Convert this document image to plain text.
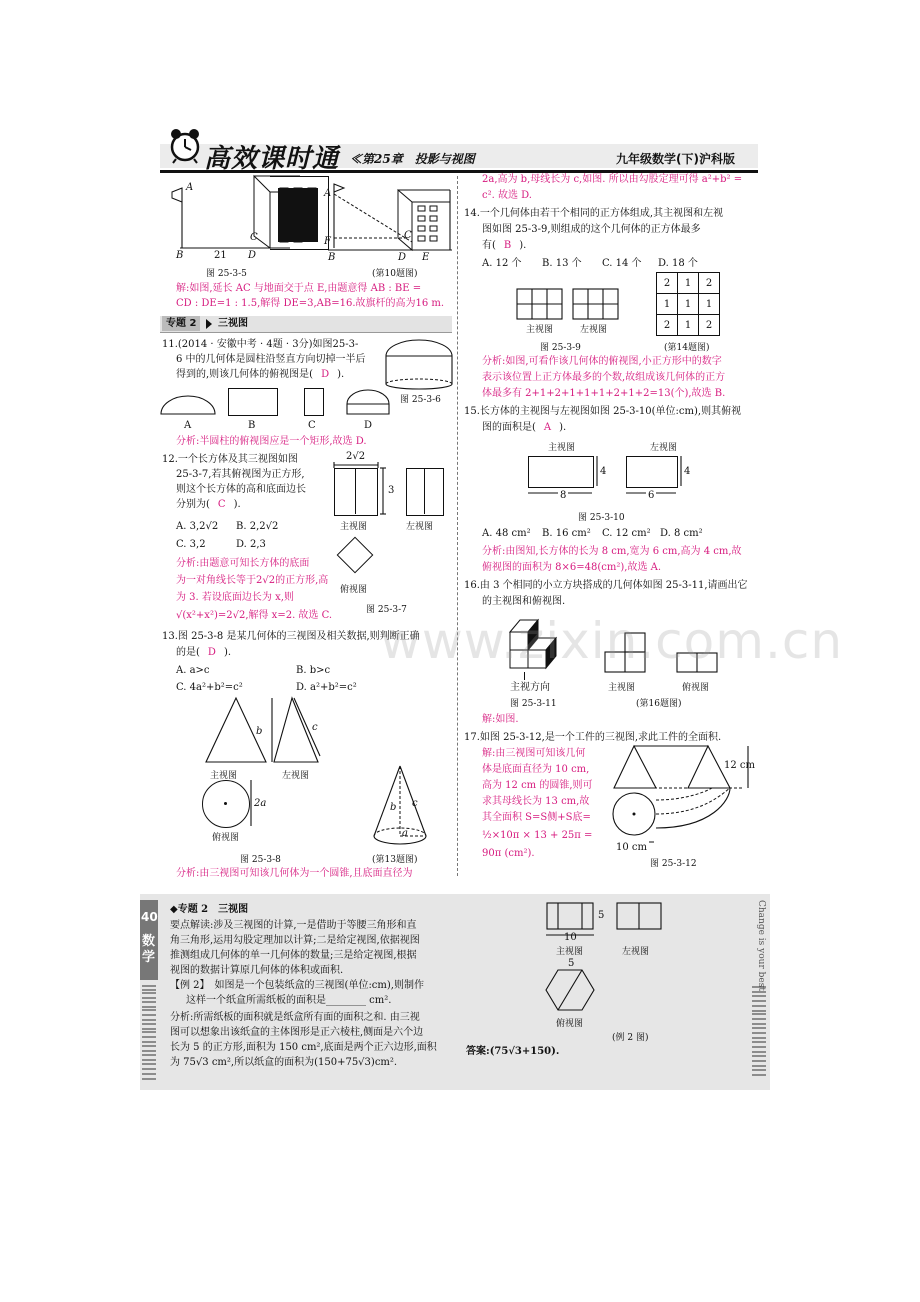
高效课时通 ≪第25章　投影与视图	九年级数学(下)沪科版
A
B	21
C
D
A
F
B
C
D E
图 25-3-5	(第10题图)
解:如图,延长 AC 与地面交于点 E,由题意得 AB : BE =
CD : DE=1 : 1.5,解得 DE=3,AB=16.故旗杆的高为16 m.
专题 2	三视图
11.(2014 · 安徽中考 · 4题 · 3分)如图25-3-
6 中的几何体是圆柱沿竖直方向切掉一半后
得到的,则该几何体的俯视图是( D ).
图 25-3-6
A	B	C	D
分析:半圆柱的俯视图应是一个矩形,故选 D.
12.一个长方体及其三视图如图
25-3-7,若其俯视图为正方形,
则这个长方体的高和底面边长
分别为( C ).
A. 3,2√2 B. 2,2√2
C. 3,2	D. 2,3
分析:由题意可知长方体的底面
为一对角线长等于2√2的正方形,高
为 3. 若设底面边长为 x,则
√(x²+x²)=2√2,解得 x=2. 故选 C.
2√2
3
主视图	左视图
俯视图
图 25-3-7
13.图 25-3-8 是某几何体的三视图及相关数据,则判断正确
的是( D ).
A. a>c	B. b>c
C. 4a²+b²=c²	D. a²+b²=c²
b	c
主视图	左视图
2a
俯视图
b c
a
图 25-3-8	(第13题图)
分析:由三视图可知该几何体为一个圆锥,且底面直径为
2a,高为 b,母线长为 c,如图. 所以由勾股定理可得 a²+b² =
c². 故选 D.
14.一个几何体由若干个相同的正方体组成,其主视图和左视
图如图 25-3-9,则组成的这个几何体的正方体最多
有( B ).
A. 12 个 B. 13 个 C. 14 个 D. 18 个
主视图	左视图
图 25-3-9
2	1	2
1	1	1
2	1	2
(第14题图)
分析:如图,可看作该几何体的俯视图,小正方形中的数字
表示该位置上正方体最多的个数,故组成该几何体的正方
体最多有 2+1+2+1+1+1+2+1+2=13(个),故选 B.
15.长方体的主视图与左视图如图 25-3-10(单位:cm),则其俯视
图的面积是( A ).
主视图	左视图
4
8
4
6
图 25-3-10
A. 48 cm² B. 16 cm² C. 12 cm² D. 8 cm²
分析:由图知,长方体的长为 8 cm,宽为 6 cm,高为 4 cm,故
俯视图的面积为 8×6=48(cm²),故选 A.
16.由 3 个相同的小立方块搭成的几何体如图 25-3-11,请画出它
的主视图和俯视图.
主视方向
图 25-3-11
主视图	俯视图
(第16题图)
解:如图.
17.如图 25-3-12,是一个工件的三视图,求此工件的全面积.
解:由三视图可知该几何
体是底面直径为 10 cm,
高为 12 cm 的圆锥,则可
求其母线长为 13 cm,故
其全面积 S=S侧+S底=
½×10π × 13 + 25π =
90π (cm²).
12 cm
10 cm
图 25-3-12
www.zixin.com.cn
40
数学	Change is your best
◆专题 2　三视图
要点解读:涉及三视图的计算,一是借助于等腰三角形和直
角三角形,运用勾股定理加以计算;二是给定视图,依据视图
推测组成几何体的单一几何体的数量;三是给定视图,根据
视图的数据计算原几何体的体积或面积.
【例 2】　如图是一个包装纸盒的三视图(单位:cm),则制作
这样一个纸盒所需纸板的面积是________ cm².
分析:所需纸板的面积就是纸盒所有面的面积之和. 由三视
图可以想象出该纸盒的主体图形是正六棱柱,侧面是六个边
长为 5 的正方形,面积为 150 cm²,底面是两个正六边形,面积
为 75√3 cm²,所以纸盒的面积为(150+75√3)cm².
5
10
主视图	左视图
5
俯视图
(例 2 图)
答案:(75√3+150).
